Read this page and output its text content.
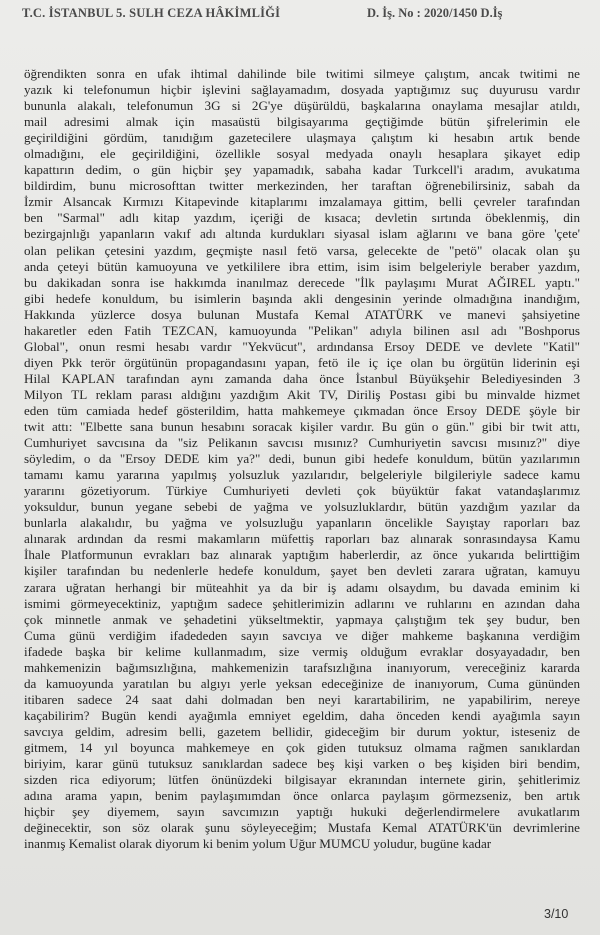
T.C. İSTANBUL 5. SULH CEZA HÂKİMLİĞİ	D. İş. No : 2020/1450 D.İş
öğrendikten sonra en ufak ihtimal dahilinde bile twitimi silmeye çalıştım, ancak twitimi ne
yazık ki telefonumun hiçbir işlevini sağlayamadım, dosyada yaptığımız suç duyurusu vardır
bununla alakalı, telefonumun 3G si 2G'ye düşürüldü, başkalarına onaylama mesajlar atıldı,
mail adresimi almak için masaüstü bilgisayarıma geçtiğimde bütün şifrelerimin ele
geçirildiğini gördüm, tanıdığım gazetecilere ulaşmaya çalıştım ki hesabın artık bende
olmadığını, ele geçirildiğini, özellikle sosyal medyada onaylı hesaplara şikayet edip
kapattırın dedim, o gün hiçbir şey yapamadık, sabaha kadar Turkcell'i aradım, avukatıma
bildirdim, bunu microsofttan twitter merkezinden, her taraftan öğrenebilirsiniz, sabah da
İzmir Alsancak Kırmızı Kitapevinde kitaplarımı imzalamaya gittim, belli çevreler tarafından
ben "Sarmal" adlı kitap yazdım, içeriği de kısaca; devletin sırtında öbeklenmiş, din
bezirgajnlığı yapanların vakıf adı altında kurdukları siyasal islam ağlarını ve bana göre 'çete'
olan pelikan çetesini yazdım, geçmişte nasıl fetö varsa, gelecekte de "petö" olacak olan şu
anda çeteyi bütün kamuoyuna ve yetkililere ibra ettim, isim isim belgeleriyle beraber yazdım,
bu dakikadan sonra ise hakkımda inanılmaz derecede "İlk paylaşımı Murat AĞIREL yaptı."
gibi hedefe konuldum, bu isimlerin başında akli dengesinin yerinde olmadığına inandığım,
Hakkında yüzlerce dosya bulunan Mustafa Kemal ATATÜRK ve manevi şahsiyetine
hakaretler eden Fatih TEZCAN, kamuoyunda "Pelikan" adıyla bilinen asıl adı "Boshporus
Global", onun resmi hesabı vardır "Yekvücut", ardındansa Ersoy DEDE ve devlete "Katil"
diyen Pkk terör örgütünün propagandasını yapan, fetö ile iç içe olan bu örgütün liderinin eşi
Hilal KAPLAN tarafından aynı zamanda daha önce İstanbul Büyükşehir Belediyesinden 3
Milyon TL reklam parası aldığını yazdığım Akit TV, Diriliş Postası gibi bu minvalde hizmet
eden tüm camiada hedef gösterildim, hatta mahkemeye çıkmadan önce Ersoy DEDE şöyle bir
twit attı: "Elbette sana bunun hesabını soracak kişiler vardır. Bu gün o gün." gibi bir twit attı,
Cumhuriyet savcısına da "siz Pelikanın savcısı mısınız? Cumhuriyetin savcısı mısınız?" diye
söyledim, o da "Ersoy DEDE kim ya?" dedi, bunun gibi hedefe konuldum, bütün yazılarımın
tamamı kamu yararına yapılmış yolsuzluk yazılarıdır, belgeleriyle bilgileriyle sadece kamu
yararını gözetiyorum. Türkiye Cumhuriyeti devleti çok büyüktür fakat vatandaşlarımız
yoksuldur, bunun yegane sebebi de yağma ve yolsuzluklardır, bütün yazdığım yazılar da
bunlarla alakalıdır, bu yağma ve yolsuzluğu yapanların öncelikle Sayıştay raporları baz
alınarak ardından da resmi makamların müfettiş raporları baz alınarak sonrasındaysa Kamu
İhale Platformunun evrakları baz alınarak yaptığım haberlerdir, az önce yukarıda belirttiğim
kişiler tarafından bu nedenlerle hedefe konuldum, şayet ben devleti zarara uğratan, kamuyu
zarara uğratan herhangi bir müteahhit ya da bir iş adamı olsaydım, bu davada eminim ki
ismimi görmeyecektiniz, yaptığım sadece şehitlerimizin adlarını ve ruhlarını en azından daha
çok minnetle anmak ve şehadetini yükseltmektir, yapmaya çalıştığım tek şey budur, ben
Cuma günü verdiğim ifadededen sayın savcıya ve diğer mahkeme başkanına verdiğim
ifadede başka bir kelime kullanmadım, size vermiş olduğum evraklar dosyayadadır, ben
mahkemenizin bağımsızlığına, mahkemenizin tarafsızlığına inanıyorum, vereceğiniz kararda
da kamuoyunda yaratılan bu algıyı yerle yeksan edeceğinize de inanıyorum, Cuma gününden
itibaren sadece 24 saat dahi dolmadan ben neyi karartabilirim, ne yapabilirim, nereye
kaçabilirim? Bugün kendi ayağımla emniyet egeldim, daha önceden kendi ayağımla sayın
savcıya geldim, adresim belli, gazetem bellidir, gideceğim bir durum yoktur, isteseniz de
gitmem, 14 yıl boyunca mahkemeye en çok giden tutuksuz olmama rağmen sanıklardan
biriyim, karar günü tutuksuz sanıklardan sadece beş kişi varken o beş kişiden biri bendim,
sizden rica ediyorum; lütfen önünüzdeki bilgisayar ekranından internete girin, şehitlerimiz
adına arama yapın, benim paylaşımımdan önce onlarca paylaşım görmezseniz, ben artık
hiçbir şey diyemem, sayın savcımızın yaptığı hukuki değerlendirmelere avukatlarım
değinecektir, son söz olarak şunu söyleyeceğim; Mustafa Kemal ATATÜRK'ün devrimlerine
inanmış Kemalist olarak diyorum ki benim yolum Uğur MUMCU yoludur, bugüne kadar
3/10
